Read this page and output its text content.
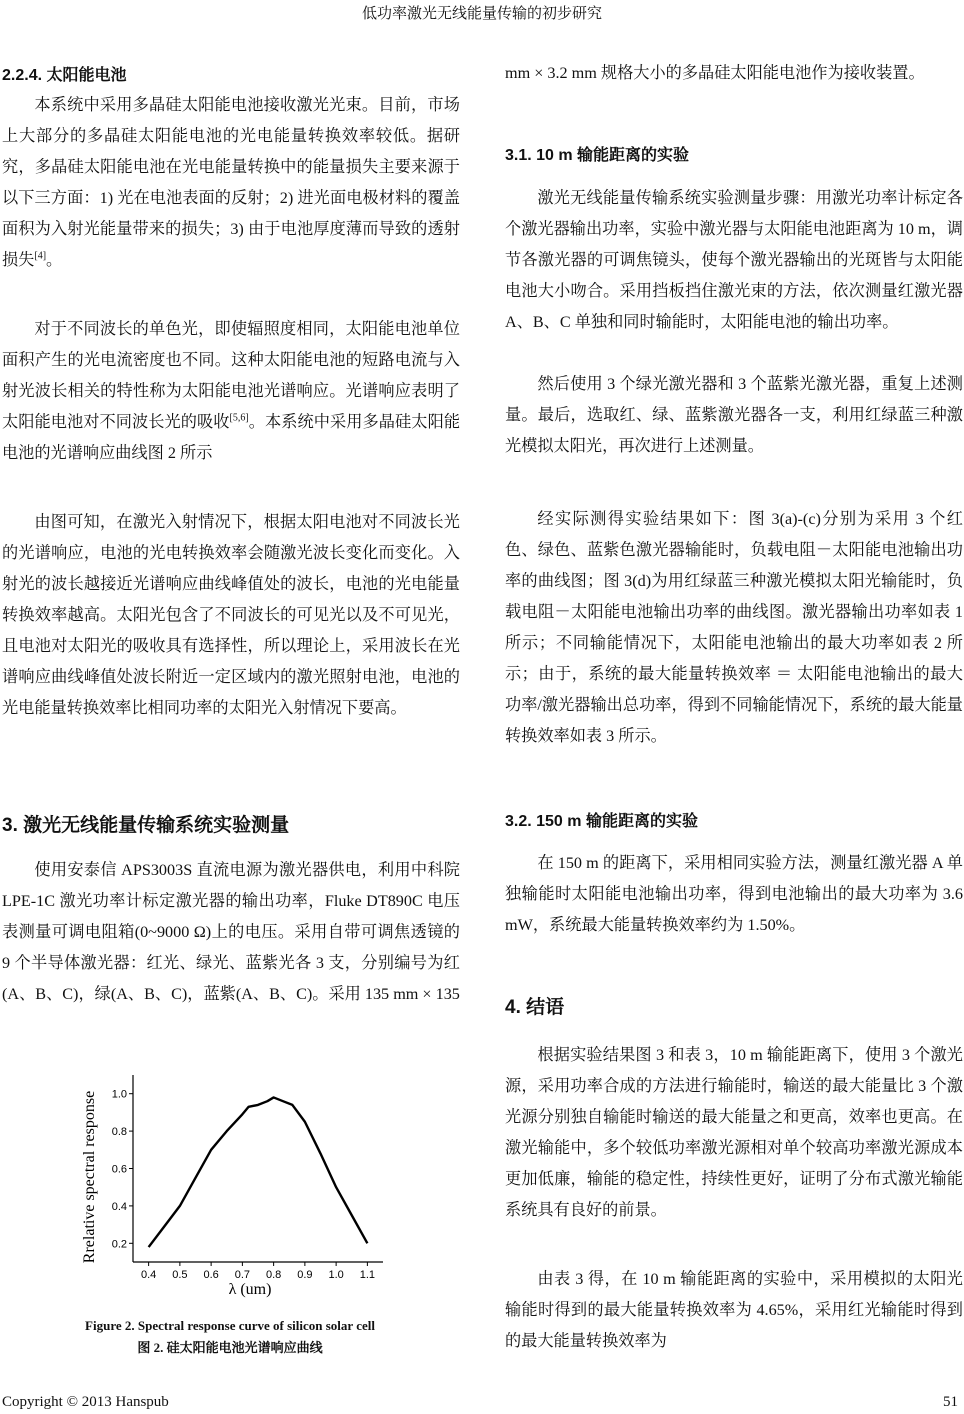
低功率激光无线能量传输的初步研究
2.2.4. 太阳能电池
本系统中采用多晶硅太阳能电池接收激光光束。目前，市场上大部分的多晶硅太阳能电池的光电能量转换效率较低。据研究，多晶硅太阳能电池在光电能量转换中的能量损失主要来源于以下三方面：1) 光在电池表面的反射；2) 进光面电极材料的覆盖面积为入射光能量带来的损失；3) 由于电池厚度薄而导致的透射损失[4]。
对于不同波长的单色光，即使辐照度相同，太阳能电池单位面积产生的光电流密度也不同。这种太阳能电池的短路电流与入射光波长相关的特性称为太阳能电池光谱响应。光谱响应表明了太阳能电池对不同波长光的吸收[5,6]。本系统中采用多晶硅太阳能电池的光谱响应曲线图 2 所示
由图可知，在激光入射情况下，根据太阳电池对不同波长光的光谱响应，电池的光电转换效率会随激光波长变化而变化。入射光的波长越接近光谱响应曲线峰值处的波长，电池的光电能量转换效率越高。太阳光包含了不同波长的可见光以及不可见光，且电池对太阳光的吸收具有选择性，所以理论上，采用波长在光谱响应曲线峰值处波长附近一定区域内的激光照射电池，电池的光电能量转换效率比相同功率的太阳光入射情况下要高。
3. 激光无线能量传输系统实验测量
使用安泰信 APS3003S 直流电源为激光器供电，利用中科院 LPE-1C 激光功率计标定激光器的输出功率，Fluke DT890C 电压表测量可调电阻箱(0~9000 Ω)上的电压。采用自带可调焦透镜的 9 个半导体激光器：红光、绿光、蓝紫光各 3 支，分别编号为红(A、B、C)，绿(A、B、C)，蓝紫(A、B、C)。采用 135 mm × 135
Rrelative spectral response
λ (um)
0.4 0.5 0.6 0.7 0.8 0.9 1.0 1.1
0.2
0.4
0.6
0.8
1.0
Figure 2. Spectral response curve of silicon solar cell
图 2. 硅太阳能电池光谱响应曲线
mm × 3.2 mm 规格大小的多晶硅太阳能电池作为接收装置。
3.1. 10 m 输能距离的实验
激光无线能量传输系统实验测量步骤：用激光功率计标定各个激光器输出功率，实验中激光器与太阳能电池距离为 10 m，调节各激光器的可调焦镜头，使每个激光器输出的光斑皆与太阳能电池大小吻合。采用挡板挡住激光束的方法，依次测量红激光器 A、B、C 单独和同时输能时，太阳能电池的输出功率。
然后使用 3 个绿光激光器和 3 个蓝紫光激光器，重复上述测量。最后，选取红、绿、蓝紫激光器各一支，利用红绿蓝三种激光模拟太阳光，再次进行上述测量。
经实际测得实验结果如下：图 3(a)-(c)分别为采用 3 个红色、绿色、蓝紫色激光器输能时，负载电阻－太阳能电池输出功率的曲线图；图 3(d)为用红绿蓝三种激光模拟太阳光输能时，负载电阻－太阳能电池输出功率的曲线图。激光器输出功率如表 1 所示；不同输能情况下，太阳能电池输出的最大功率如表 2 所示；由于，系统的最大能量转换效率 ＝ 太阳能电池输出的最大功率/激光器输出总功率，得到不同输能情况下，系统的最大能量转换效率如表 3 所示。
3.2. 150 m 输能距离的实验
在 150 m 的距离下，采用相同实验方法，测量红激光器 A 单独输能时太阳能电池输出功率，得到电池输出的最大功率为 3.6 mW，系统最大能量转换效率约为 1.50%。
4. 结语
根据实验结果图 3 和表 3，10 m 输能距离下，使用 3 个激光源，采用功率合成的方法进行输能时，输送的最大能量比 3 个激光源分别独自输能时输送的最大能量之和更高，效率也更高。在激光输能中，多个较低功率激光源相对单个较高功率激光源成本更加低廉，输能的稳定性，持续性更好，证明了分布式激光输能系统具有良好的前景。
由表 3 得，在 10 m 输能距离的实验中，采用模拟的太阳光输能时得到的最大能量转换效率为 4.65%，采用红光输能时得到的最大能量转换效率为
Copyright © 2013 Hanspub	51
